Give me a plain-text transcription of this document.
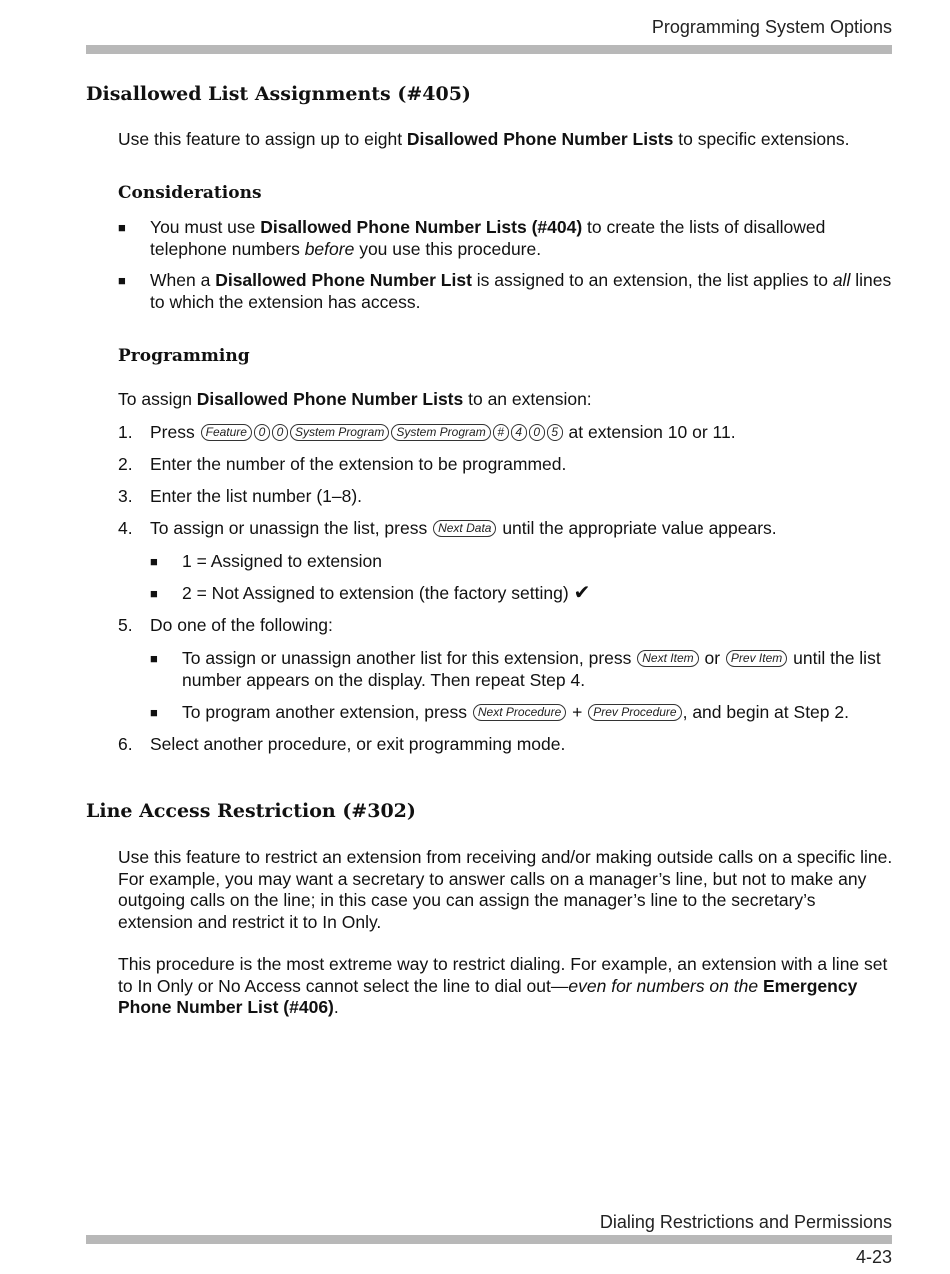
Programming System Options
Disallowed List Assignments (#405)

Use this feature to assign up to eight Disallowed Phone Number Lists to specific extensions.

Considerations
■ You must use Disallowed Phone Number Lists (#404) to create the lists of disallowed telephone numbers before you use this procedure.
■ When a Disallowed Phone Number List is assigned to an extension, the list applies to all lines to which the extension has access.
Programming

To assign Disallowed Phone Number Lists to an extension:

1. Press Feature 0 0 System Program System Program # 4 0 5 at extension 10 or 11.
2. Enter the number of the extension to be programmed.
3. Enter the list number (1–8).
4. To assign or unassign the list, press Next Data until the appropriate value appears.
■ 1 = Assigned to extension
■ 2 = Not Assigned to extension (the factory setting) ✔
5. Do one of the following:
■ To assign or unassign another list for this extension, press Next Item or Prev Item until the list number appears on the display. Then repeat Step 4.
■ To program another extension, press Next Procedure + Prev Procedure , and begin at Step 2.
6. Select another procedure, or exit programming mode.
Line Access Restriction (#302)

Use this feature to restrict an extension from receiving and/or making outside calls on a specific line. For example, you may want a secretary to answer calls on a manager’s line, but not to make any outgoing calls on the line; in this case you can assign the manager’s line to the secretary’s extension and restrict it to In Only.

This procedure is the most extreme way to restrict dialing. For example, an extension with a line set to In Only or No Access cannot select the line to dial out—even for numbers on the Emergency Phone Number List (#406).

Dialing Restrictions and Permissions
4-23
